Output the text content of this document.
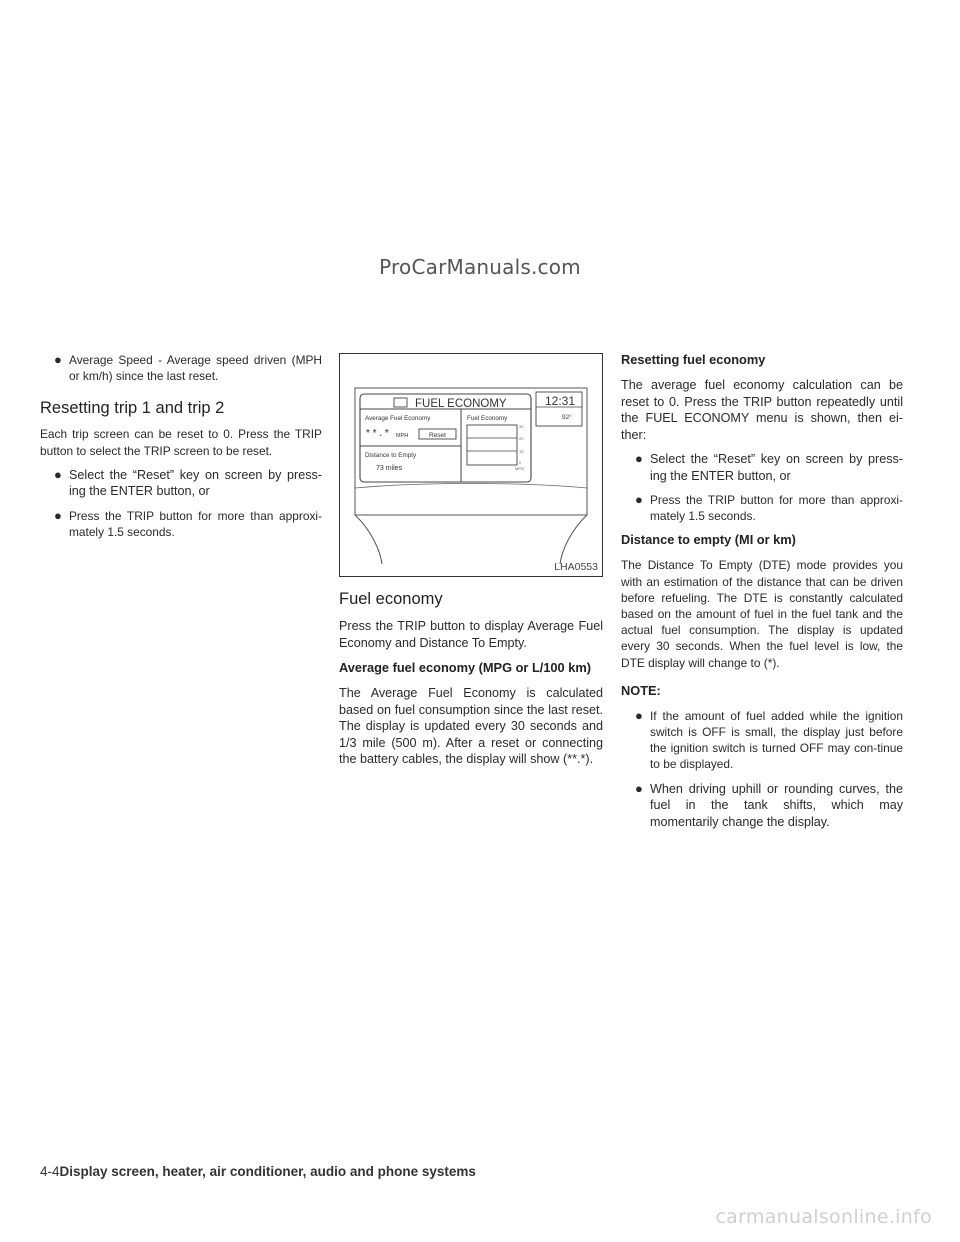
ProCarManuals.com
● Average Speed - Average speed driven (MPH or km/h) since the last reset.
Resetting trip 1 and trip 2

Each trip screen can be reset to 0. Press the TRIP button to select the TRIP screen to be reset.

● Select the “Reset” key on screen by press-ing the ENTER button, or
● Press the TRIP button for more than approxi-mately 1.5 seconds.
FUEL ECONOMY
Average Fuel Economy
* * . * MPH	Reset
Distance to Empty
73 miles
Fuel Economy
30
20
10
0
MPG
12:31
92°
LHA0553
Fuel economy

Press the TRIP button to display Average Fuel Economy and Distance To Empty.

Average fuel economy (MPG or L/100 km)

The Average Fuel Economy is calculated based on fuel consumption since the last reset. The display is updated every 30 seconds and 1/3 mile (500 m). After a reset or connecting the battery cables, the display will show (**.*).

Resetting fuel economy

The average fuel economy calculation can be reset to 0. Press the TRIP button repeatedly until the FUEL ECONOMY menu is shown, then ei-ther:

● Select the “Reset” key on screen by press-ing the ENTER button, or
● Press the TRIP button for more than approxi-mately 1.5 seconds.
Distance to empty (MI or km)

The Distance To Empty (DTE) mode provides you with an estimation of the distance that can be driven before refueling. The DTE is constantly calculated based on the amount of fuel in the fuel tank and the actual fuel consumption. The display is updated every 30 seconds. When the fuel level is low, the DTE display will change to (*).

NOTE:
● If the amount of fuel added while the ignition switch is OFF is small, the display just before the ignition switch is turned OFF may con-tinue to be displayed.
● When driving uphill or rounding curves, the fuel in the tank shifts, which may momentarily change the display.
4-4Display screen, heater, air conditioner, audio and phone systems
carmanualsonline.info
